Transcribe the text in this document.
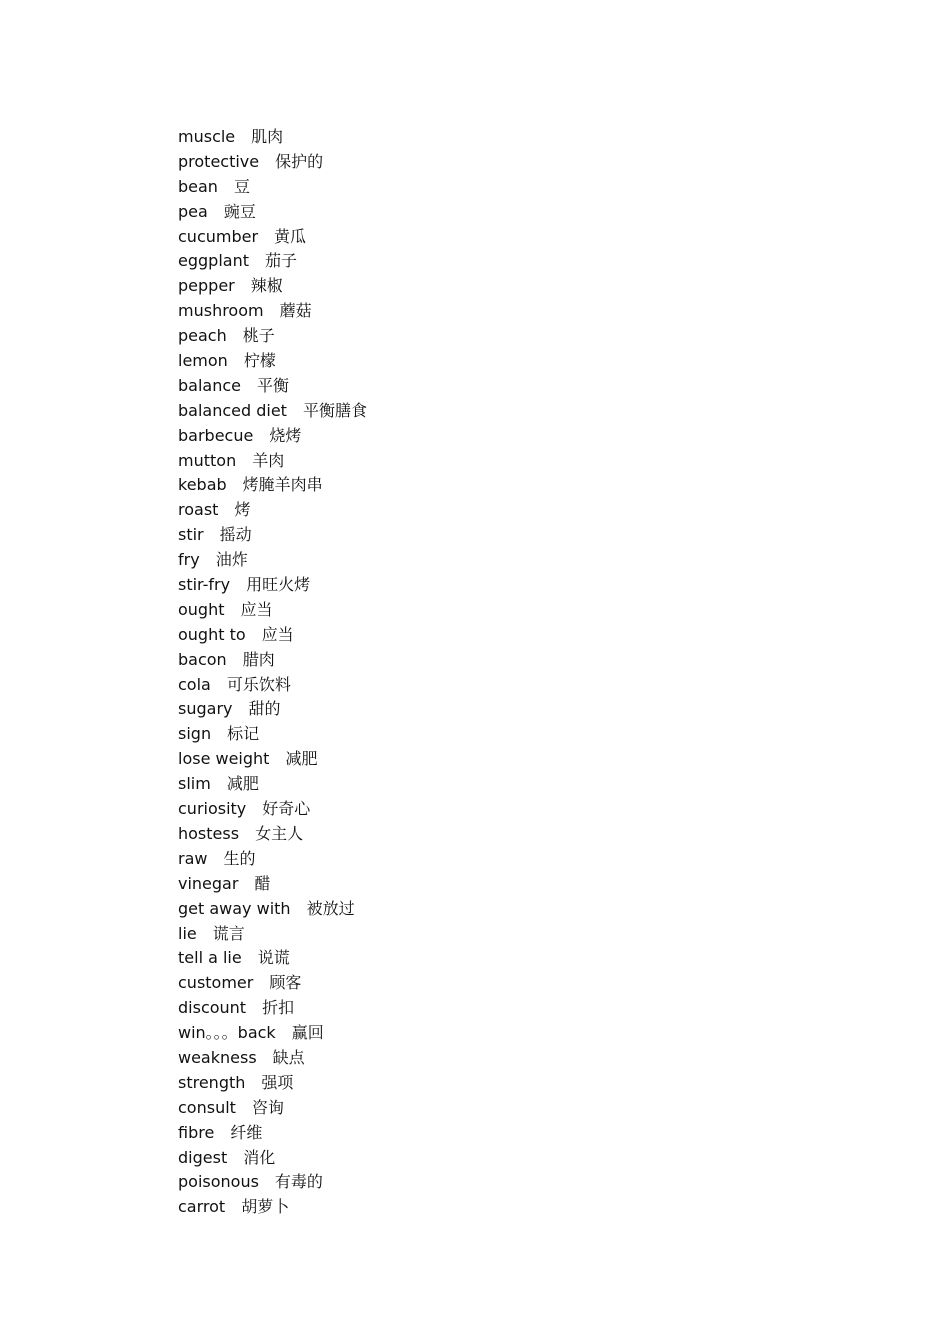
muscle 肌肉
protective 保护的
bean 豆
pea 豌豆
cucumber 黄瓜
eggplant 茄子
pepper 辣椒
mushroom 蘑菇
peach 桃子
lemon 柠檬
balance 平衡
balanced diet 平衡膳食
barbecue 烧烤
mutton 羊肉
kebab 烤腌羊肉串
roast 烤
stir 摇动
fry 油炸
stir-fry 用旺火烤
ought 应当
ought to 应当
bacon 腊肉
cola 可乐饮料
sugary 甜的
sign 标记
lose weight 减肥
slim 减肥
curiosity 好奇心
hostess 女主人
raw 生的
vinegar 醋
get away with 被放过
lie 谎言
tell a lie 说谎
customer 顾客
discount 折扣
win。。。back 赢回
weakness 缺点
strength 强项
consult 咨询
fibre 纤维
digest 消化
poisonous 有毒的
carrot 胡萝卜
